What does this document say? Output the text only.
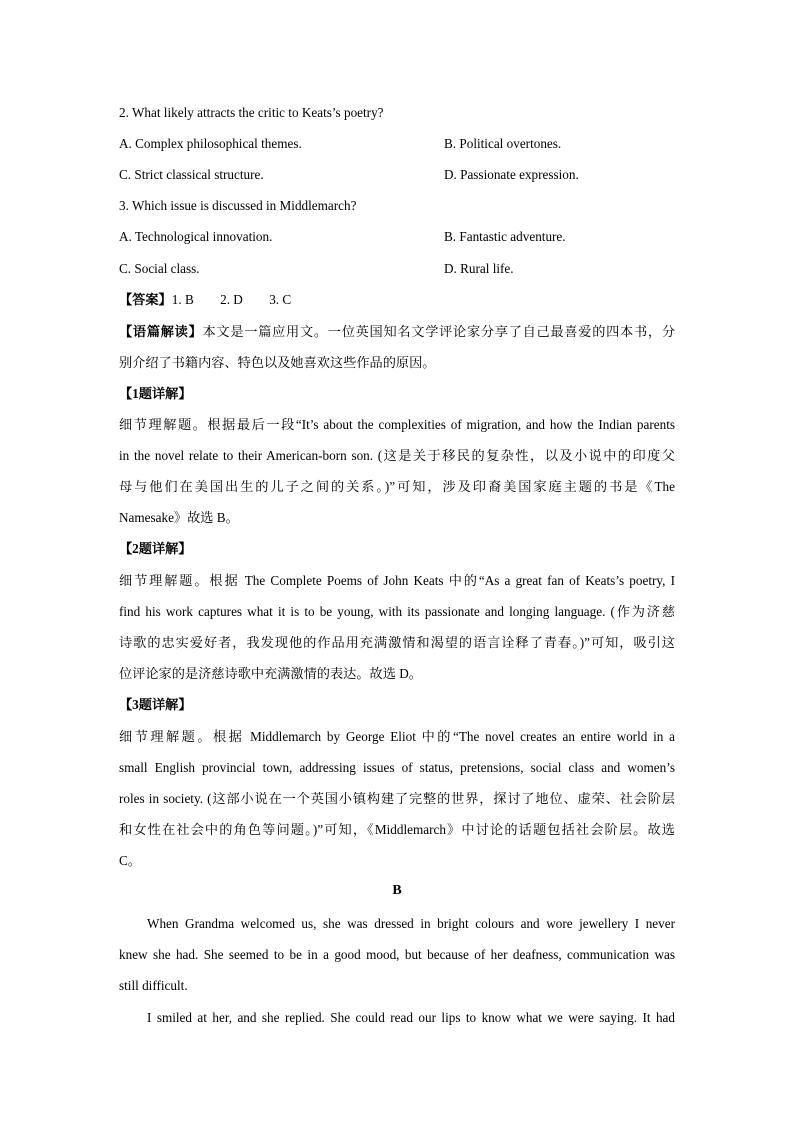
2. What likely attracts the critic to Keats’s poetry?
A. Complex philosophical themes.	B. Political overtones.
C. Strict classical structure.	D. Passionate expression.
3. Which issue is discussed in Middlemarch?
A. Technological innovation.	B. Fantastic adventure.
C. Social class.	D. Rural life.
【答案】1. B        2. D        3. C
【语篇解读】本文是一篇应用文。一位英国知名文学评论家分享了自己最喜爱的四本书，分
别介绍了书籍内容、特色以及她喜欢这些作品的原因。
【1题详解】
细节理解题。根据最后一段“It’s about the complexities of migration, and how the Indian parents
in the novel relate to their American-born son. (这是关于移民的复杂性，以及小说中的印度父
母与他们在美国出生的儿子之间的关系。)”可知，涉及印裔美国家庭主题的书是《The
Namesake》故选 B。
【2题详解】
细节理解题。根据 The Complete Poems of John Keats 中的“As a great fan of Keats’s poetry, I
find his work captures what it is to be young, with its passionate and longing language. (作为济慈
诗歌的忠实爱好者，我发现他的作品用充满激情和渴望的语言诠释了青春。)”可知，吸引这
位评论家的是济慈诗歌中充满激情的表达。故选 D。
【3题详解】
细节理解题。根据 Middlemarch by George Eliot 中的“The novel creates an entire world in a
small English provincial town, addressing issues of status, pretensions, social class and women’s
roles in society. (这部小说在一个英国小镇构建了完整的世界，探讨了地位、虚荣、社会阶层
和女性在社会中的角色等问题。)”可知，《Middlemarch》中讨论的话题包括社会阶层。故选
C。
B
When Grandma welcomed us, she was dressed in bright colours and wore jewellery I never
knew she had. She seemed to be in a good mood, but because of her deafness, communication was
still difficult.
I smiled at her, and she replied. She could read our lips to know what we were saying. It had
